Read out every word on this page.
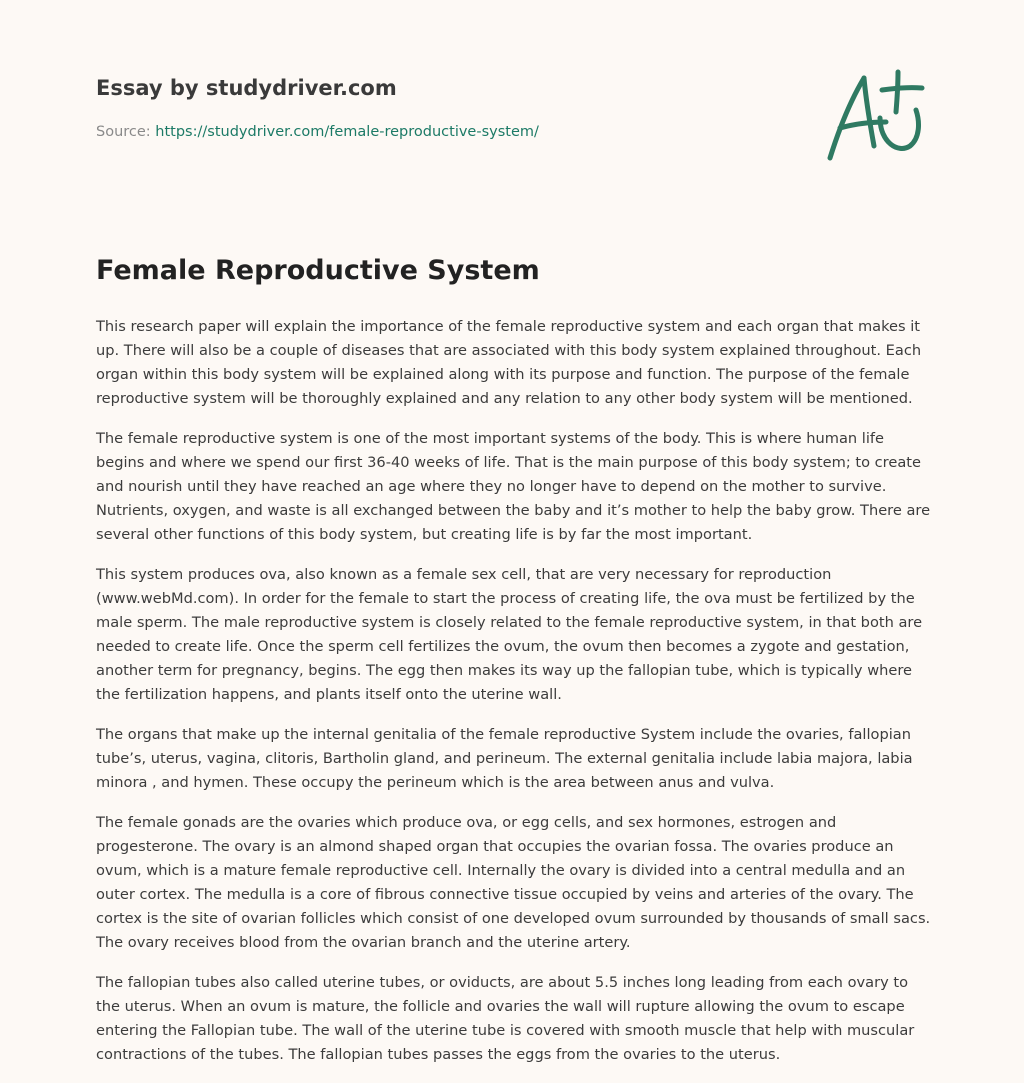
Essay by studydriver.com
Source: https://studydriver.com/female-reproductive-system/
Female Reproductive System

This research paper will explain the importance of the female reproductive system and each organ that makes it up. There will also be a couple of diseases that are associated with this body system explained throughout. Each organ within this body system will be explained along with its purpose and function. The purpose of the female reproductive system will be thoroughly explained and any relation to any other body system will be mentioned.

The female reproductive system is one of the most important systems of the body. This is where human life begins and where we spend our first 36-40 weeks of life. That is the main purpose of this body system; to create and nourish until they have reached an age where they no longer have to depend on the mother to survive. Nutrients, oxygen, and waste is all exchanged between the baby and it’s mother to help the baby grow. There are several other functions of this body system, but creating life is by far the most important.

This system produces ova, also known as a female sex cell, that are very necessary for reproduction (www.webMd.com). In order for the female to start the process of creating life, the ova must be fertilized by the male sperm. The male reproductive system is closely related to the female reproductive system, in that both are needed to create life. Once the sperm cell fertilizes the ovum, the ovum then becomes a zygote and gestation, another term for pregnancy, begins. The egg then makes its way up the fallopian tube, which is typically where the fertilization happens, and plants itself onto the uterine wall.

The organs that make up the internal genitalia of the female reproductive System include the ovaries, fallopian tube’s, uterus, vagina, clitoris, Bartholin gland, and perineum. The external genitalia include labia majora, labia minora , and hymen. These occupy the perineum which is the area between anus and vulva.

The female gonads are the ovaries which produce ova, or egg cells, and sex hormones, estrogen and progesterone. The ovary is an almond shaped organ that occupies the ovarian fossa. The ovaries produce an ovum, which is a mature female reproductive cell. Internally the ovary is divided into a central medulla and an outer cortex. The medulla is a core of fibrous connective tissue occupied by veins and arteries of the ovary. The cortex is the site of ovarian follicles which consist of one developed ovum surrounded by thousands of small sacs. The ovary receives blood from the ovarian branch and the uterine artery.

The fallopian tubes also called uterine tubes, or oviducts, are about 5.5 inches long leading from each ovary to the uterus. When an ovum is mature, the follicle and ovaries the wall will rupture allowing the ovum to escape entering the Fallopian tube. The wall of the uterine tube is covered with smooth muscle that help with muscular contractions of the tubes. The fallopian tubes passes the eggs from the ovaries to the uterus.
